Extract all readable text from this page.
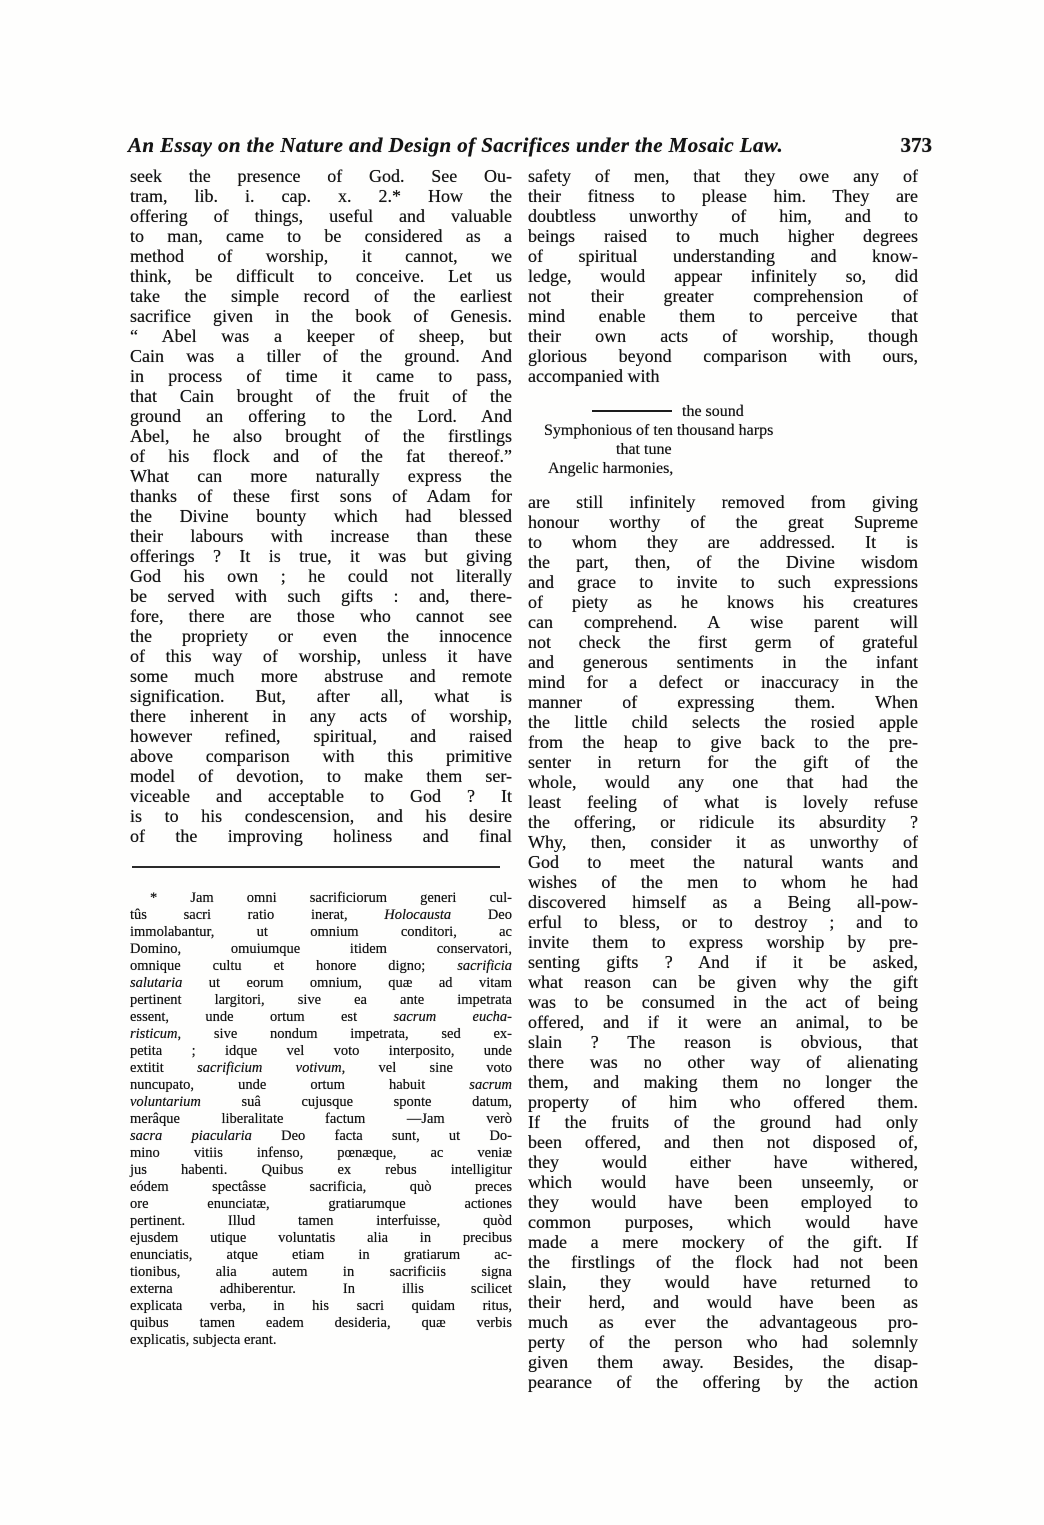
An Essay on the Nature and Design of Sacrifices under the Mosaic Law.	373
seek the presence of God. See Ou-
tram, lib. i. cap. x. 2.* How the
offering of things, useful and valuable
to man, came to be considered as a
method of worship, it cannot, we
think, be difficult to conceive. Let us
take the simple record of the earliest
sacrifice given in the book of Genesis.
“ Abel was a keeper of sheep, but
Cain was a tiller of the ground. And
in process of time it came to pass,
that Cain brought of the fruit of the
ground an offering to the Lord. And
Abel, he also brought of the firstlings
of his flock and of the fat thereof.”
What can more naturally express the
thanks of these first sons of Adam for
the Divine bounty which had blessed
their labours with increase than these
offerings ? It is true, it was but giving
God his own ; he could not literally
be served with such gifts : and, there-
fore, there are those who cannot see
the propriety or even the innocence
of this way of worship, unless it have
some much more abstruse and remote
signification. But, after all, what is
there inherent in any acts of worship,
however refined, spiritual, and raised
above comparison with this primitive
model of devotion, to make them ser-
viceable and acceptable to God ? It
is to his condescension, and his desire
of the improving holiness and final
* Jam omni sacrificiorum generi cul-
tûs sacri ratio inerat, Holocausta Deo
immolabantur, ut omnium conditori, ac
Domino, omuiumque itidem conservatori,
omnique cultu et honore digno; sacrificia
salutaria ut eorum omnium, quæ ad vitam
pertinent largitori, sive ea ante impetrata
essent, unde ortum est sacrum eucha-
risticum, sive nondum impetrata, sed ex-
petita ; idque vel voto interposito, unde
extitit sacrificium votivum, vel sine voto
nuncupato, unde ortum habuit sacrum
voluntarium suâ cujusque sponte datum,
merâque liberalitate factum —Jam verò
sacra piacularia Deo facta sunt, ut Do-
mino vitiis infenso, pœnæque, ac veniæ
jus habenti. Quibus ex rebus intelligitur
eódem spectâsse sacrificia, quò preces
ore enunciatæ, gratiarumque actiones
pertinent. Illud tamen interfuisse, quòd
ejusdem utique voluntatis alia in precibus
enunciatis, atque etiam in gratiarum ac-
tionibus, alia autem in sacrificiis signa
externa adhiberentur. In illis scilicet
explicata verba, in his sacri quidam ritus,
quibus tamen eadem desideria, quæ verbis
explicatis, subjecta erant.
safety of men, that they owe any of
their fitness to please him. They are
doubtless unworthy of him, and to
beings raised to much higher degrees
of spiritual understanding and know-
ledge, would appear infinitely so, did
not their greater comprehension of
mind enable them to perceive that
their own acts of worship, though
glorious beyond comparison with ours,
accompanied with
the sound
Symphonious of ten thousand harps
that tune
Angelic harmonies,
are still infinitely removed from giving
honour worthy of the great Supreme
to whom they are addressed. It is
the part, then, of the Divine wisdom
and grace to invite to such expressions
of piety as he knows his creatures
can comprehend. A wise parent will
not check the first germ of grateful
and generous sentiments in the infant
mind for a defect or inaccuracy in the
manner of expressing them. When
the little child selects the rosied apple
from the heap to give back to the pre-
senter in return for the gift of the
whole, would any one that had the
least feeling of what is lovely refuse
the offering, or ridicule its absurdity ?
Why, then, consider it as unworthy of
God to meet the natural wants and
wishes of the men to whom he had
discovered himself as a Being all-pow-
erful to bless, or to destroy ; and to
invite them to express worship by pre-
senting gifts ? And if it be asked,
what reason can be given why the gift
was to be consumed in the act of being
offered, and if it were an animal, to be
slain ? The reason is obvious, that
there was no other way of alienating
them, and making them no longer the
property of him who offered them.
If the fruits of the ground had only
been offered, and then not disposed of,
they would either have withered,
which would have been unseemly, or
they would have been employed to
common purposes, which would have
made a mere mockery of the gift. If
the firstlings of the flock had not been
slain, they would have returned to
their herd, and would have been as
much as ever the advantageous pro-
perty of the person who had solemnly
given them away. Besides, the disap-
pearance of the offering by the action
